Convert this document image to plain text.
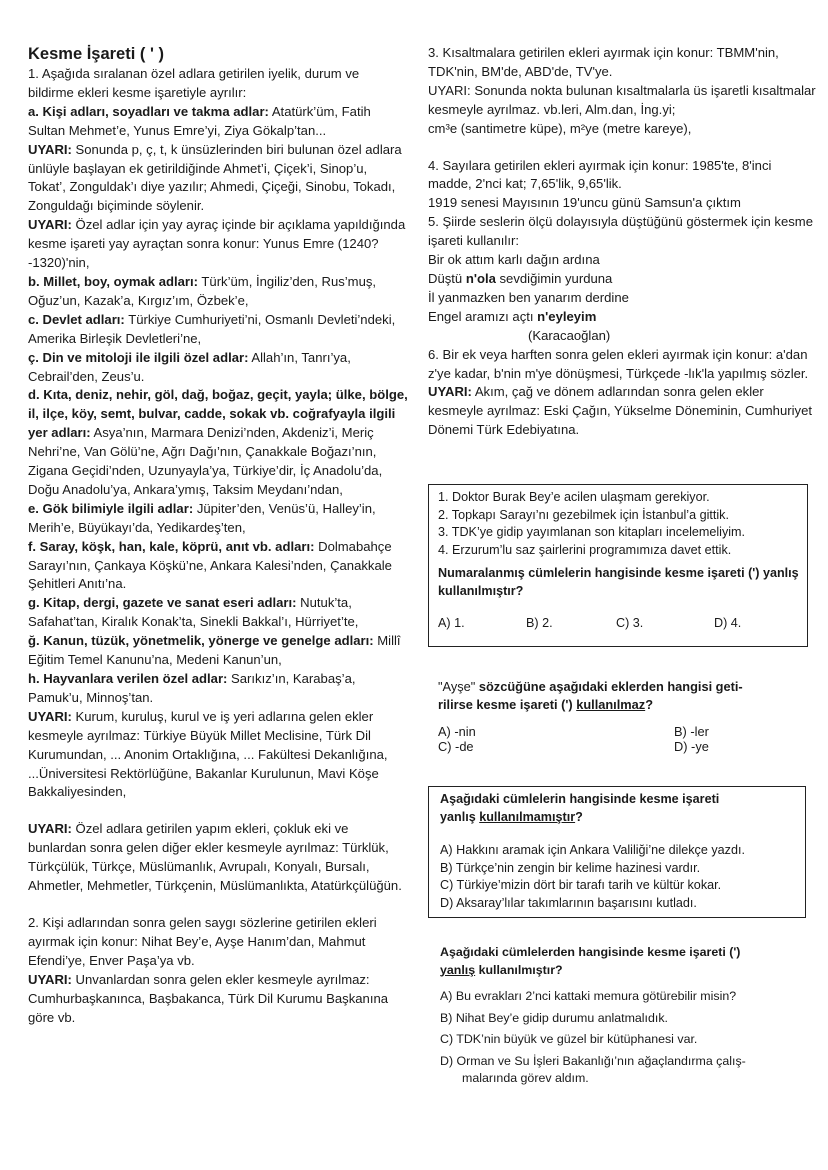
Kesme İşareti ( ' )

1. Aşağıda sıralanan özel adlara getirilen iyelik, durum ve bildirme ekleri kesme işaretiyle ayrılır:

a. Kişi adları, soyadları ve takma adlar: Atatürk’üm, Fatih Sultan Mehmet’e, Yunus Emre’yi, Ziya Gökalp’tan...

UYARI: Sonunda p, ç, t, k ünsüzlerinden biri bulunan özel adlara ünlüyle başlayan ek getirildiğinde Ahmet’i, Çiçek’i, Sinop’u, Tokat’, Zonguldak’ı diye yazılır; Ahmedi, Çiçeği, Sinobu, Tokadı, Zonguldağı biçiminde söylenir.

UYARI: Özel adlar için yay ayraç içinde bir açıklama yapıldığında kesme işareti yay ayraçtan sonra konur: Yunus Emre (1240?-1320)'nin,

b. Millet, boy, oymak adları: Türk’üm, İngiliz’den, Rus’muş, Oğuz’un, Kazak’a, Kırgız’ım, Özbek’e,

c. Devlet adları: Türkiye Cumhuriyeti’ni, Osmanlı Devleti’ndeki, Amerika Birleşik Devletleri’ne,

ç. Din ve mitoloji ile ilgili özel adlar: Allah’ın, Tanrı’ya, Cebrail’den, Zeus’u.

d. Kıta, deniz, nehir, göl, dağ, boğaz, geçit, yayla; ülke, bölge, il, ilçe, köy, semt, bulvar, cadde, sokak vb. coğrafyayla ilgili yer adları: Asya’nın, Marmara Denizi’nden, Akdeniz’i, Meriç Nehri’ne, Van Gölü’ne, Ağrı Dağı’nın, Çanakkale Boğazı’nın, Zigana Geçidi’nden, Uzunyayla’ya, Türkiye’dir, İç Anadolu’da, Doğu Anadolu’ya, Ankara’ymış, Taksim Meydanı’ndan,

e. Gök bilimiyle ilgili adlar: Jüpiter’den, Venüs’ü, Halley’in, Merih’e, Büyükayı’da, Yedikardeş’ten,

f. Saray, köşk, han, kale, köprü, anıt vb. adları: Dolmabahçe Sarayı’nın, Çankaya Köşkü’ne, Ankara Kalesi’nden, Çanakkale Şehitleri Anıtı’na.

g. Kitap, dergi, gazete ve sanat eseri adları: Nutuk’ta, Safahat’tan, Kiralık Konak’ta, Sinekli Bakkal’ı, Hürriyet’te,

ğ. Kanun, tüzük, yönetmelik, yönerge ve genelge adları: Millî Eğitim Temel Kanunu’na, Medeni Kanun’un,

h. Hayvanlara verilen özel adlar: Sarıkız’ın, Karabaş’a, Pamuk’u, Minnoş’tan.

UYARI: Kurum, kuruluş, kurul ve iş yeri adlarına gelen ekler kesmeyle ayrılmaz: Türkiye Büyük Millet Meclisine, Türk Dil Kurumundan, ... Anonim Ortaklığına, ... Fakültesi Dekanlığına, ...Üniversitesi Rektörlüğüne, Bakanlar Kurulunun, Mavi Köşe Bakkaliyesinden,

UYARI: Özel adlara getirilen yapım ekleri, çokluk eki ve bunlardan sonra gelen diğer ekler kesmeyle ayrılmaz: Türklük, Türkçülük, Türkçe, Müslümanlık, Avrupalı, Konyalı, Bursalı, Ahmetler, Mehmetler, Türkçenin, Müslümanlıkta, Atatürkçülüğün.

2. Kişi adlarından sonra gelen saygı sözlerine getirilen ekleri ayırmak için konur: Nihat Bey’e, Ayşe Hanım’dan, Mahmut Efendi’ye, Enver Paşa’ya vb.

UYARI: Unvanlardan sonra gelen ekler kesmeyle ayrılmaz: Cumhurbaşkanınca, Başbakanca, Türk Dil Kurumu Başkanına göre vb.

3. Kısaltmalara getirilen ekleri ayırmak için konur: TBMM'nin, TDK'nin, BM'de, ABD'de, TV'ye.

UYARI: Sonunda nokta bulunan kısaltmalarla üs işaretli kısaltmalar kesmeyle ayrılmaz. vb.leri, Alm.dan, İng.yi;

cm³e (santimetre küpe), m²ye (metre kareye),

4. Sayılara getirilen ekleri ayırmak için konur: 1985'te, 8'inci madde, 2'nci kat; 7,65'lik, 9,65'lik.

1919 senesi Mayısının 19'uncu günü Samsun'a çıktım

5. Şiirde seslerin ölçü dolayısıyla düştüğünü göstermek için kesme işareti kullanılır:

Bir ok attım karlı dağın ardına

Düştü n'ola sevdiğimin yurduna

İl yanmazken ben yanarım derdine

Engel aramızı açtı n'eyleyim

(Karacaoğlan)

6. Bir ek veya harften sonra gelen ekleri ayırmak için konur: a'dan z'ye kadar, b'nin m'ye dönüşmesi, Türkçede -lık'la yapılmış sözler.

UYARI: Akım, çağ ve dönem adlarından sonra gelen ekler kesmeyle ayrılmaz: Eski Çağın, Yükselme Döneminin, Cumhuriyet Dönemi Türk Edebiyatına.

1. Doktor Burak Bey’e acilen ulaşmam gerekiyor.
2. Topkapı Sarayı’nı gezebilmek için İstanbul’a gittik.
3. TDK’ye gidip yayımlanan son kitapları incelemeliyim.
4. Erzurum’lu saz şairlerini programımıza davet ettik.
Numaralanmış cümlelerin hangisinde kesme işareti (') yanlış kullanılmıştır?
A) 1.	B) 2.	C) 3.	D) 4.
"Ayşe" sözcüğüne aşağıdaki eklerden hangisi geti-
rilirse kesme işareti (') kullanılmaz?
A) -nin	B) -ler
C) -de	D) -ye
Aşağıdaki cümlelerin hangisinde kesme işareti
yanlış kullanılmamıştır?
A) Hakkını aramak için Ankara Valiliği’ne dilekçe yazdı.
B) Türkçe’nin zengin bir kelime hazinesi vardır.
C) Türkiye’mizin dört bir tarafı tarih ve kültür kokar.
D) Aksaray’lılar takımlarının başarısını kutladı.
Aşağıdaki cümlelerden hangisinde kesme işareti (')
yanlış kullanılmıştır?
A) Bu evrakları 2’nci kattaki memura götürebilir misin?
B) Nihat Bey’e gidip durumu anlatmalıdık.
C) TDK’nin büyük ve güzel bir kütüphanesi var.
D) Orman ve Su İşleri Bakanlığı’nın ağaçlandırma çalış-
malarında görev aldım.
